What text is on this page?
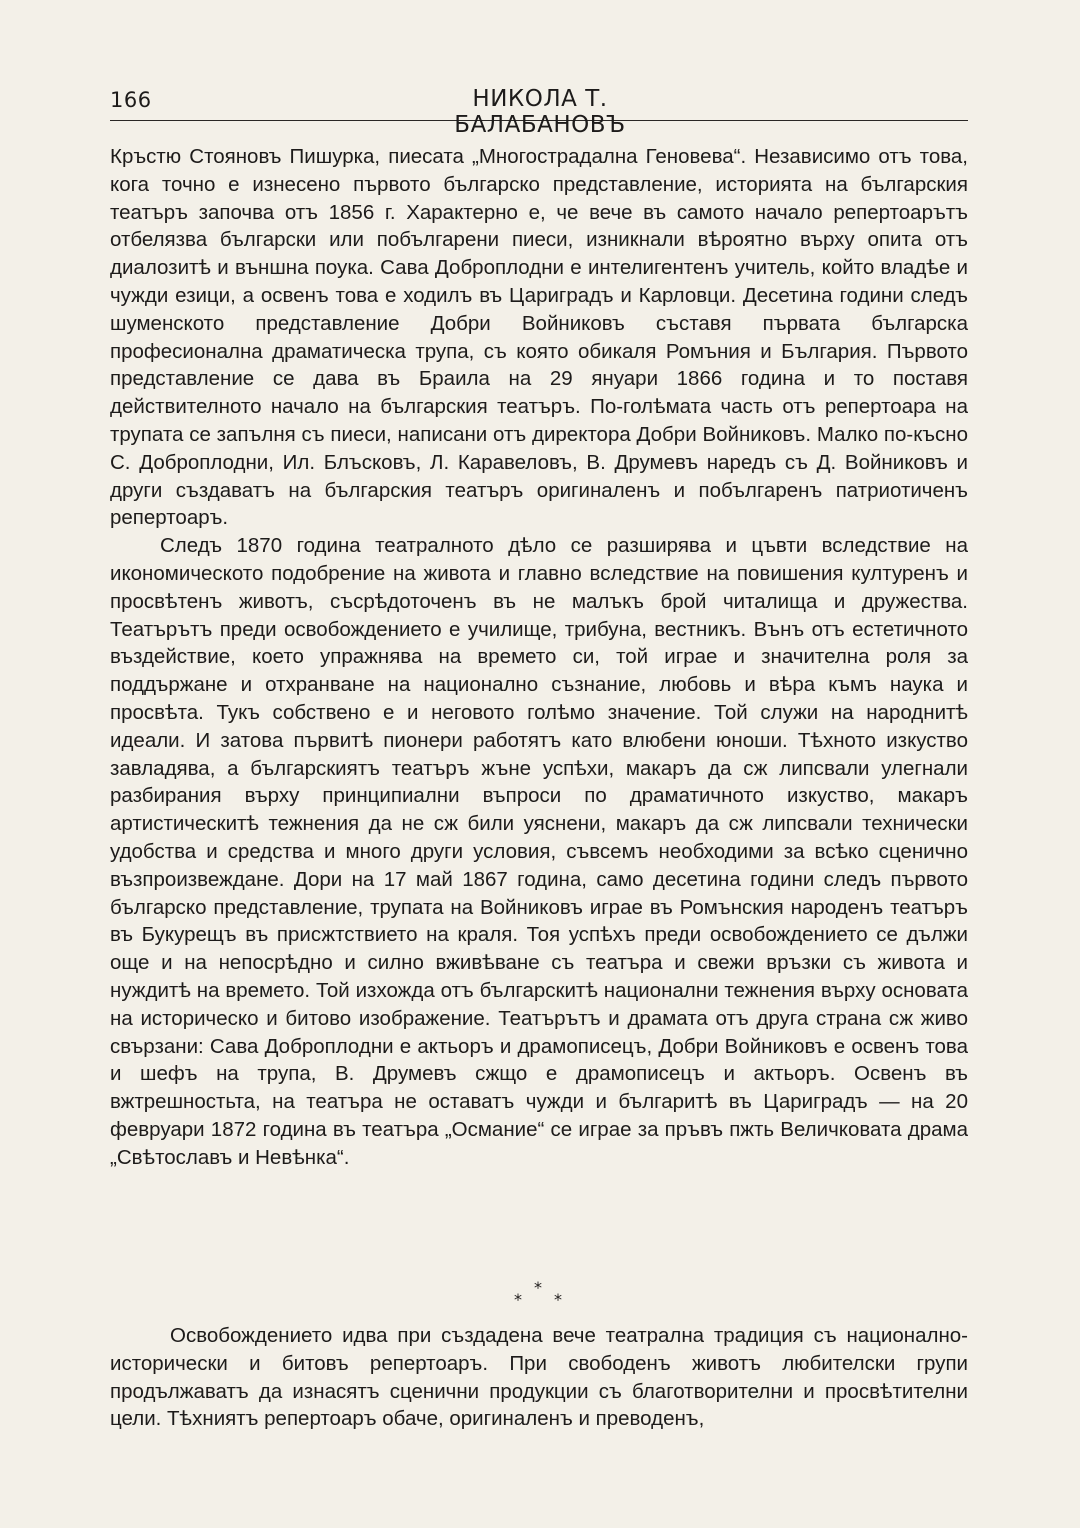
166	НИКОЛА Т. БАЛАБАНОВЪ

Кръстю Стояновъ Пишурка, пиесата „Многострадална Геновева“. Независимо отъ това, кога точно е изнесено първото българско представление, историята на българския театъръ започва отъ 1856 г. Характерно е, че вече въ самото начало репертоарътъ отбелязва български или побългарени пиеси, изникнали вѣроятно върху опита отъ диалозитѣ и външна поука. Сава Доброплодни е интелигентенъ учитель, който владѣе и чужди езици, а освенъ това е ходилъ въ Цариградъ и Карловци. Десетина години следъ шуменското представление Добри Войниковъ съставя първата българска професионална драматическа трупа, съ която обикаля Ромъния и България. Първото представление се дава въ Браила на 29 януари 1866 година и то поставя действителното начало на българския театъръ. По-голѣмата часть отъ репертоара на трупата се запълня съ пиеси, написани отъ директора Добри Войниковъ. Малко по-късно С. Доброплодни, Ил. Блъсковъ, Л. Каравеловъ, В. Друмевъ наредъ съ Д. Войниковъ и други създаватъ на българския театъръ оригиналенъ и побългаренъ патриотиченъ репертоаръ.

Следъ 1870 година театралното дѣло се разширява и цъвти вследствие на икономическото подобрение на живота и главно вследствие на повишения културенъ и просвѣтенъ животъ, съсрѣдоточенъ въ не малъкъ брой читалища и дружества. Театърътъ преди освобождението е училище, трибуна, вестникъ. Вънъ отъ естетичното въздействие, което упражнява на времето си, той играе и значителна роля за поддържане и отхранване на национално съзнание, любовь и вѣра къмъ наука и просвѣта. Тукъ собствено е и неговото голѣмо значение. Той служи на народнитѣ идеали. И затова първитѣ пионери работятъ като влюбени юноши. Тѣхното изкуство завладява, а българскиятъ театъръ жъне успѣхи, макаръ да сж липсвали улегнали разбирания върху принципиални въпроси по драматичното изкуство, макаръ артистическитѣ тежнения да не сж били уяснени, макаръ да сж липсвали технически удобства и средства и много други условия, съвсемъ необходими за всѣко сценично възпроизвеждане. Дори на 17 май 1867 година, само десетина години следъ първото българско представление, трупата на Войниковъ играе въ Ромънския народенъ театъръ въ Букурещъ въ присжтствието на краля. Тоя успѣхъ преди освобождението се дължи още и на непосрѣдно и силно вживѣване съ театъра и свежи връзки съ живота и нуждитѣ на времето. Той изхожда отъ българскитѣ национални тежнения върху основата на историческо и битово изображение. Театърътъ и драмата отъ друга страна сж живо свързани: Сава Доброплодни е актьоръ и драмописецъ, Добри Войниковъ е освенъ това и шефъ на трупа, В. Друмевъ сжщо е драмописецъ и актьоръ. Освенъ въ вжтрешностьта, на театъра не оставатъ чужди и българитѣ въ Цариградъ — на 20 февруари 1872 година въ театъра „Османие“ се играе за пръвъ пжть Величковата драма „Свѣтославъ и Невѣнка“.

*
* *

Освобождението идва при създадена вече театрална традиция съ национално-исторически и битовъ репертоаръ. При свободенъ животъ любителски групи продължаватъ да изнасятъ сценични продукции съ благотворителни и просвѣтителни цели. Тѣхниятъ репертоаръ обаче, оригиналенъ и преводенъ,
